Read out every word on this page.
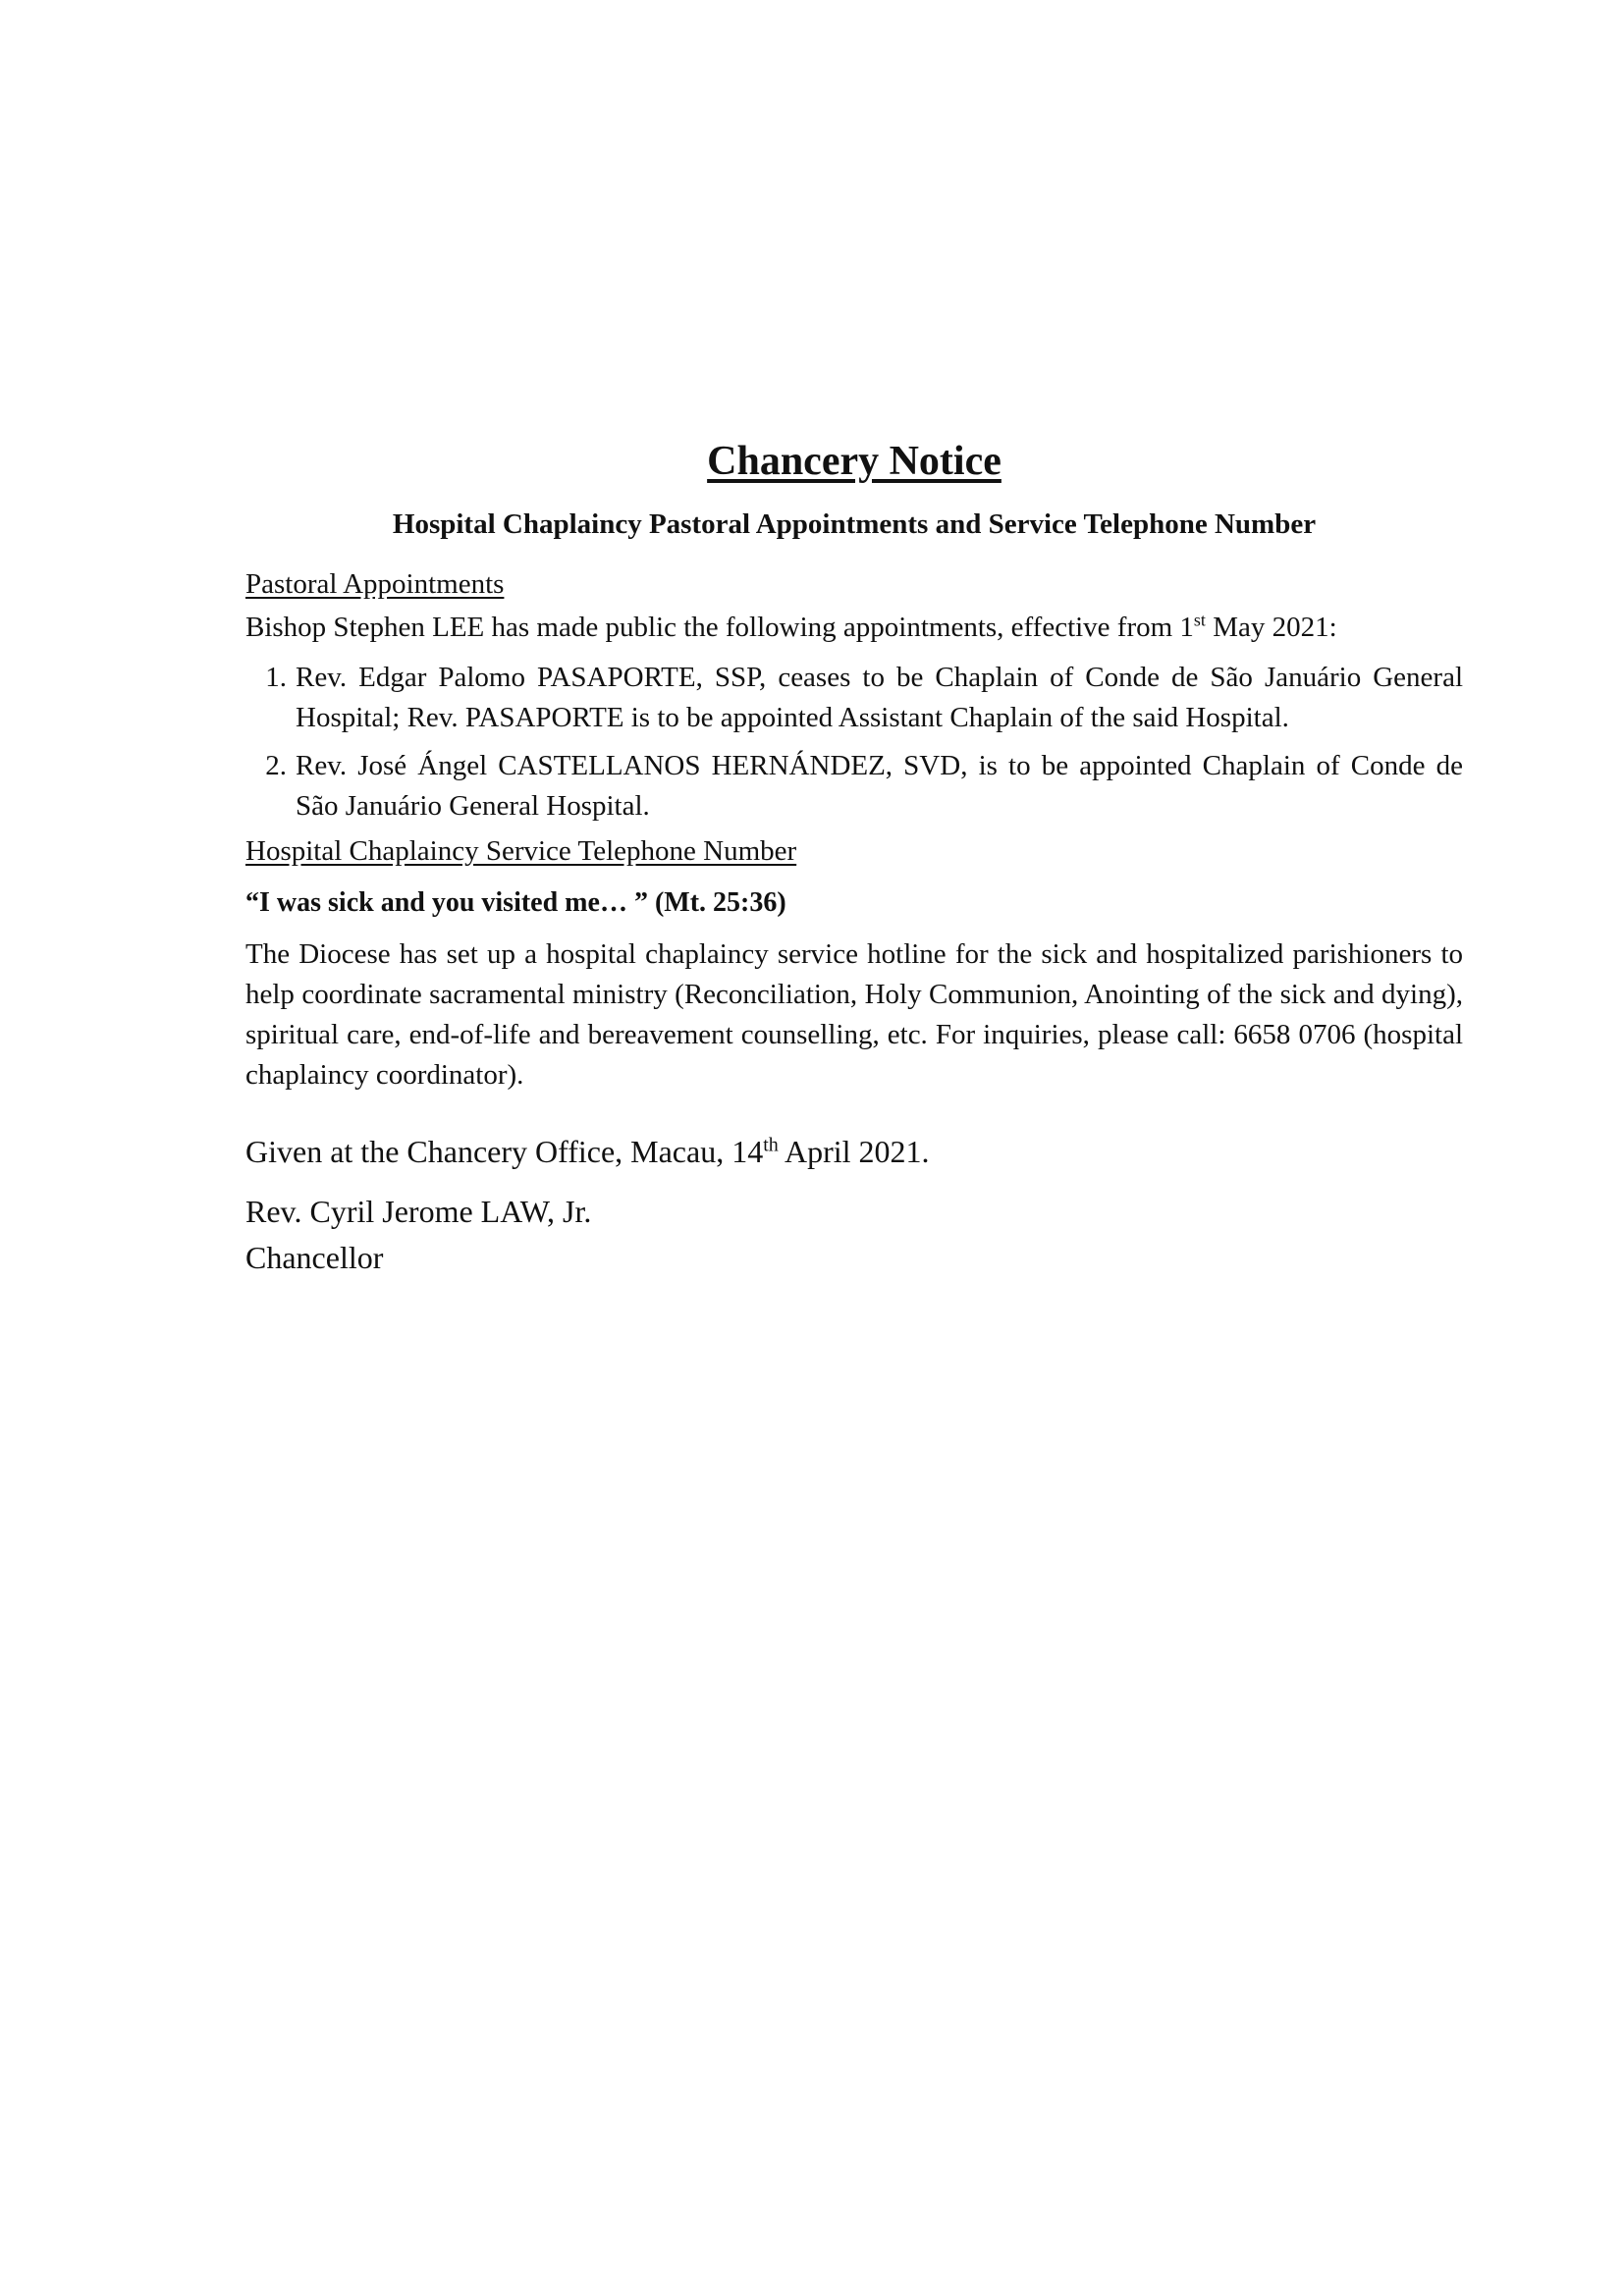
Chancery Notice
Hospital Chaplaincy Pastoral Appointments and Service Telephone Number
Pastoral Appointments

Bishop Stephen LEE has made public the following appointments, effective from 1st May 2021:

1. Rev. Edgar Palomo PASAPORTE, SSP, ceases to be Chaplain of Conde de São Januário General Hospital; Rev. PASAPORTE is to be appointed Assistant Chaplain of the said Hospital.
2. Rev. José Ángel CASTELLANOS HERNÁNDEZ, SVD, is to be appointed Chaplain of Conde de São Januário General Hospital.
Hospital Chaplaincy Service Telephone Number
“I was sick and you visited me… ” (Mt. 25:36)

The Diocese has set up a hospital chaplaincy service hotline for the sick and hospitalized parishioners to help coordinate sacramental ministry (Reconciliation, Holy Communion, Anointing of the sick and dying), spiritual care, end-of-life and bereavement counselling, etc. For inquiries, please call: 6658 0706 (hospital chaplaincy coordinator).

Given at the Chancery Office, Macau, 14th April 2021.

Rev. Cyril Jerome LAW, Jr.

Chancellor
